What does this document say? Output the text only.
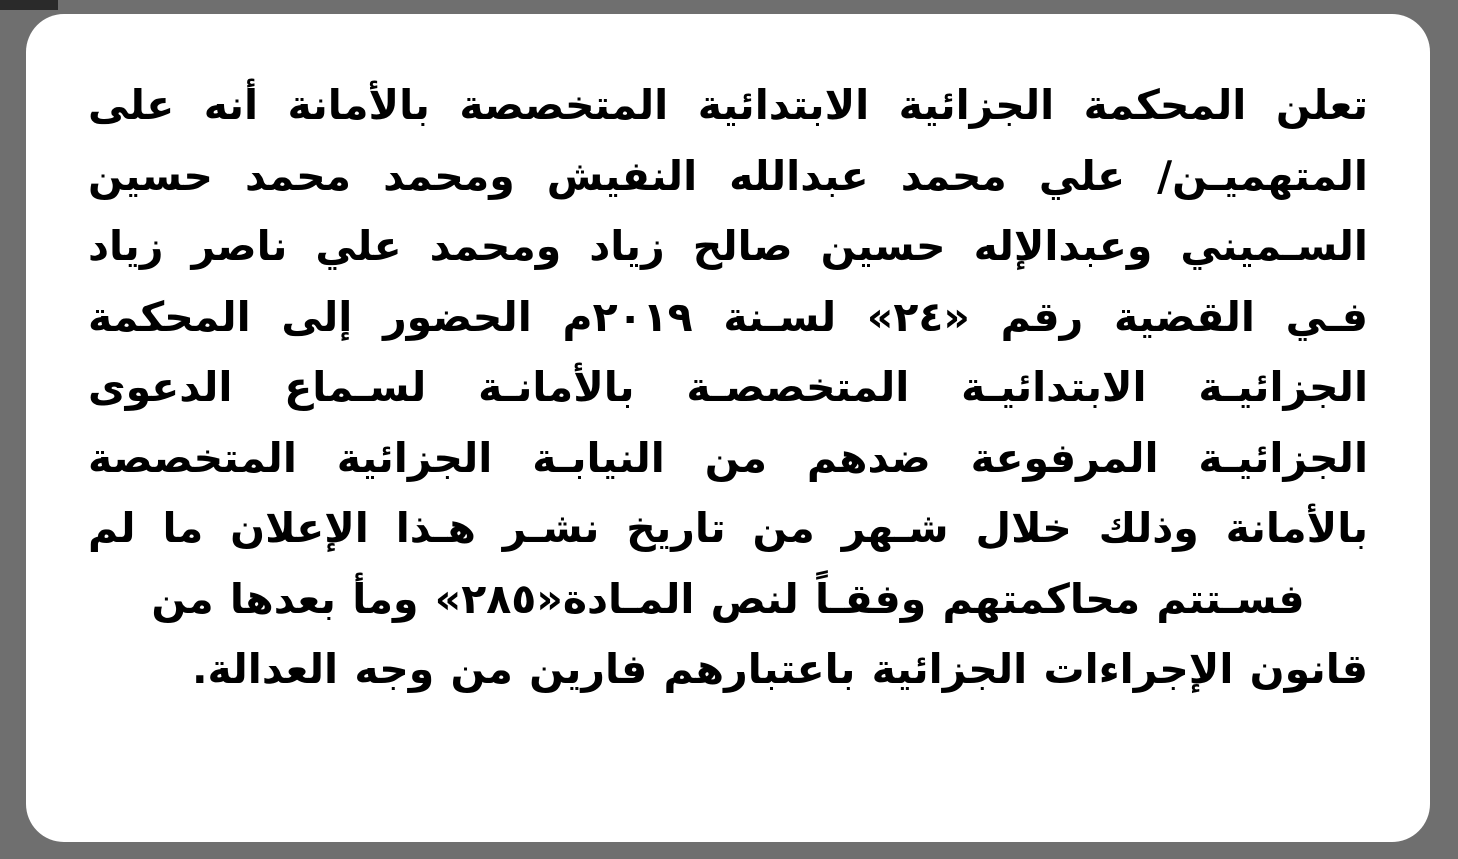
تعلن المحكمة الجزائية الابتدائية المتخصصة بالأمانة أنه على المتهميـن/ علي محمد عبدالله النفيش ومحمد محمد حسين السـميني وعبدالإله حسين صالح زياد ومحمد علي ناصر زياد فـي القضية رقم «٢٤» لسـنة ٢٠١٩م الحضور إلى المحكمة الجزائيـة الابتدائيـة المتخصصـة بالأمانـة لسـماع الدعوى الجزائيـة المرفوعة ضدهم من النيابـة الجزائية المتخصصة بالأمانة وذلك خلال شـهر من تاريخ نشـر هـذا الإعلان ما لم فسـتتم محاكمتهم وفقـاً لنص المـادة«٢٨٥» ومأ بعدها من

قانون الإجراءات الجزائية باعتبارهم فارين من وجه العدالة.
